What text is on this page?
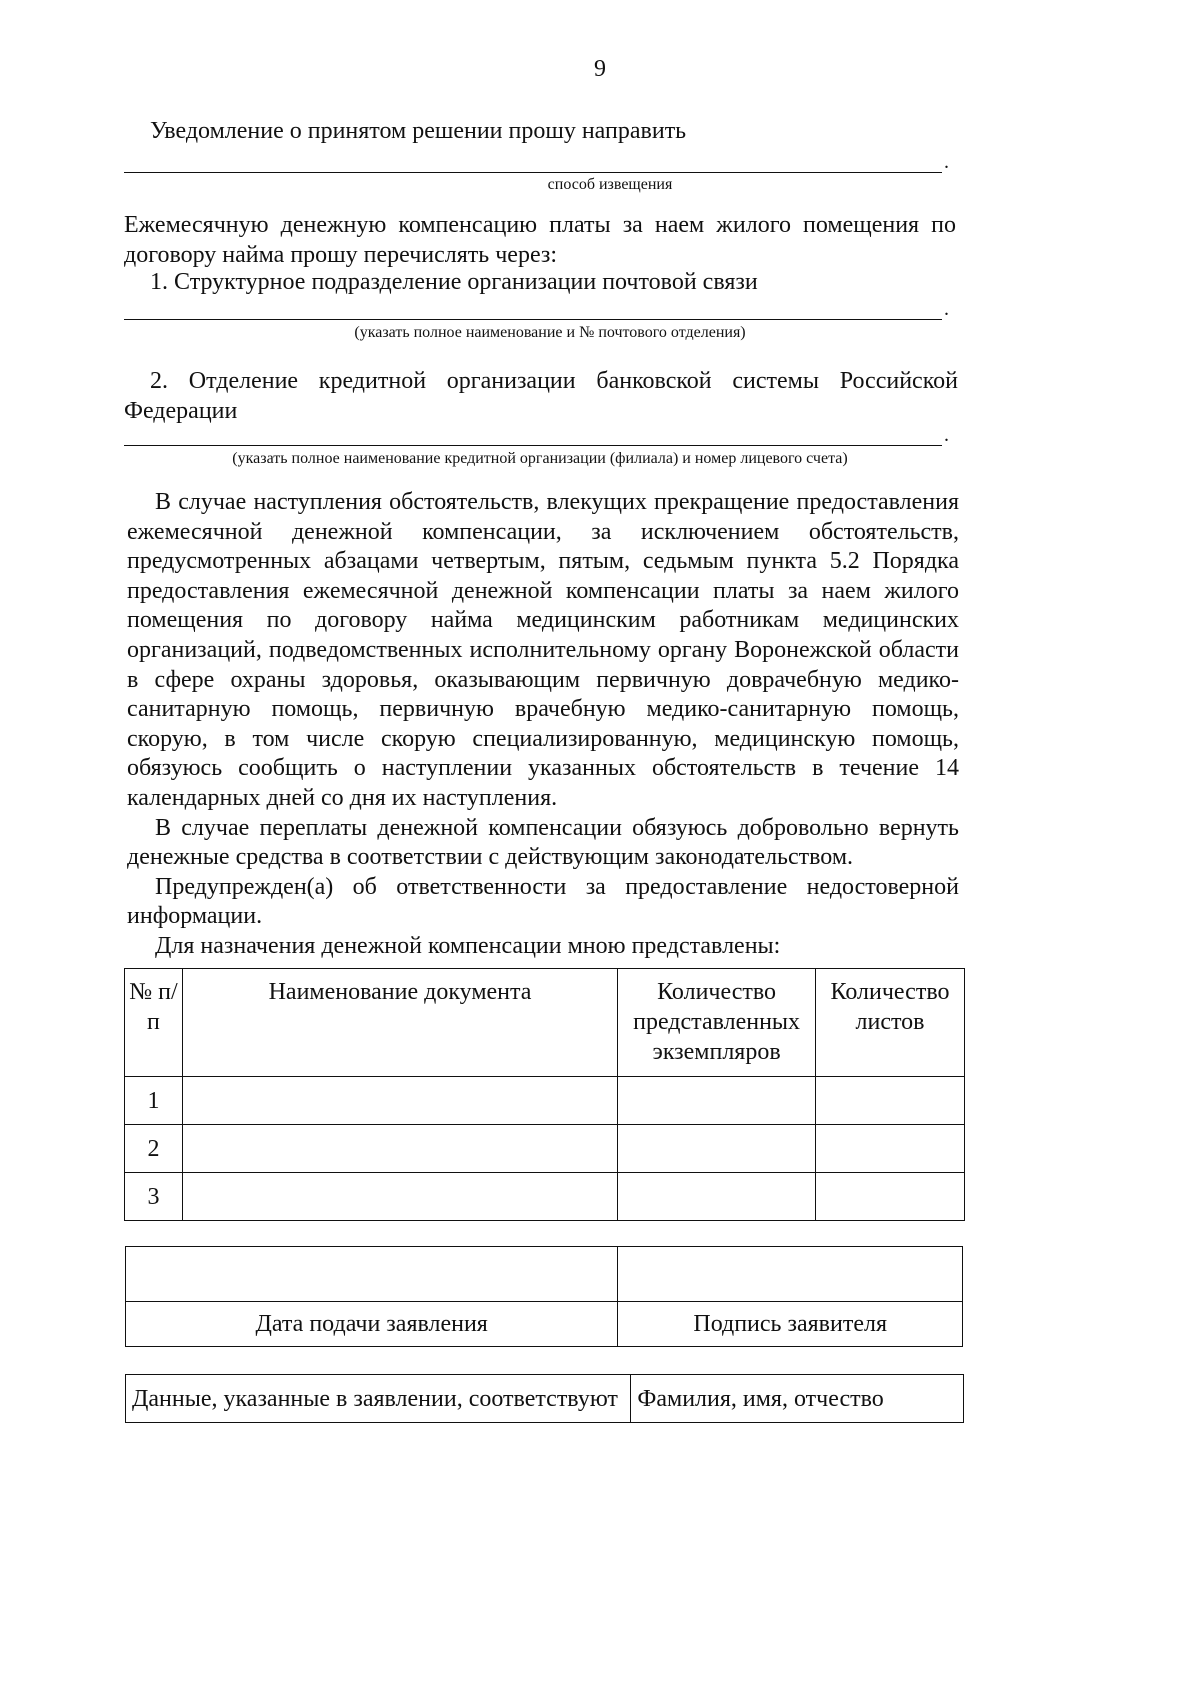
9
Уведомление о принятом решении прошу направить
.
способ извещения
Ежемесячную денежную компенсацию платы за наем жилого помещения по
договору найма прошу перечислять через:
1. Структурное подразделение организации почтовой связи
.
(указать полное наименование и № почтового отделения)
2. Отделение кредитной организации банковской системы Российской
Федерации
.
(указать полное наименование кредитной организации (филиала) и номер лицевого счета)

В случае наступления обстоятельств, влекущих прекращение предоставления ежемесячной денежной компенсации, за исключением обстоятельств, предусмотренных абзацами четвертым, пятым, седьмым пункта 5.2 Порядка предоставления ежемесячной денежной компенсации платы за наем жилого помещения по договору найма медицинским работникам медицинских организаций, подведомственных исполнительному органу Воронежской области в сфере охраны здоровья, оказывающим первичную доврачебную медико-санитарную помощь, первичную врачебную медико-санитарную помощь, скорую, в том числе скорую специализированную, медицинскую помощь, обязуюсь сообщить о наступлении указанных обстоятельств в течение 14 календарных дней со дня их наступления.

В случае переплаты денежной компенсации обязуюсь добровольно вернуть денежные средства в соответствии с действующим законодательством.

Предупрежден(а) об ответственности за предоставление недостоверной информации.

Для назначения денежной компенсации мною представлены:

№ п/п	Наименование документа	Количество представленных экземпляров	Количество листов
1			
2			
3			

Дата подачи заявления	Подпись заявителя
Данные, указанные в заявлении, соответствуют	Фамилия, имя, отчество
